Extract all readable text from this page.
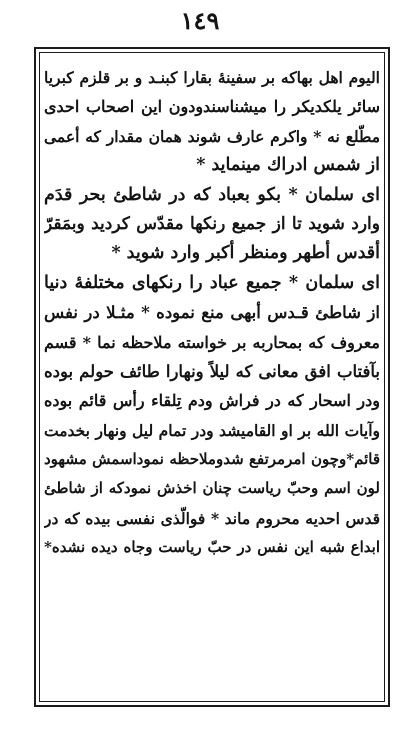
١٤٩
اليوم اهل بهاكه بر سفينهٔ بقارا كبنـد و بر قلزم كبريا
سائر يلكديكر را ميشناسندودون اين اصحاب احدى
مطّلع نه * واكرم عارف شوند همان مقدار كه أعمى
از شمس ادراك مينمايد *
اى سلمان * بكو بعباد كه در شاطئ بحر قدَم
وارد شويد تا از جميع رنكها مقدّس كرديد وبمَقرّ
أقدس أطهر ومنظر أكبر وارد شويد *
اى سلمان * جميع عباد را رنكهاى مختلفهٔ دنيا
از شاطئ قـدس أبهى منع نموده * مثـلا در نفس
معروف كه بمحاربه بر خواسته ملاحظه نما * قسم
بآفتاب افق معانى كه ليلاً ونهارا طائف حولم بوده
ودر اسحار كه در فراش ودم تِلقاء رأس قائم بوده
وآيات الله بر او القاميشد ودر تمام ليل ونهار بخدمت
قائم*وچون امرمرتفع شدوملاحظه نموداسمش مشهود
لون اسم وحبّ رياست چنان اخذش نمودكه از شاطئ
قدس احديه محروم ماند * فوالّذى نفسى بيده كه در
ابداع شبه اين نفس در حبّ رياست وجاه ديده نشده*
